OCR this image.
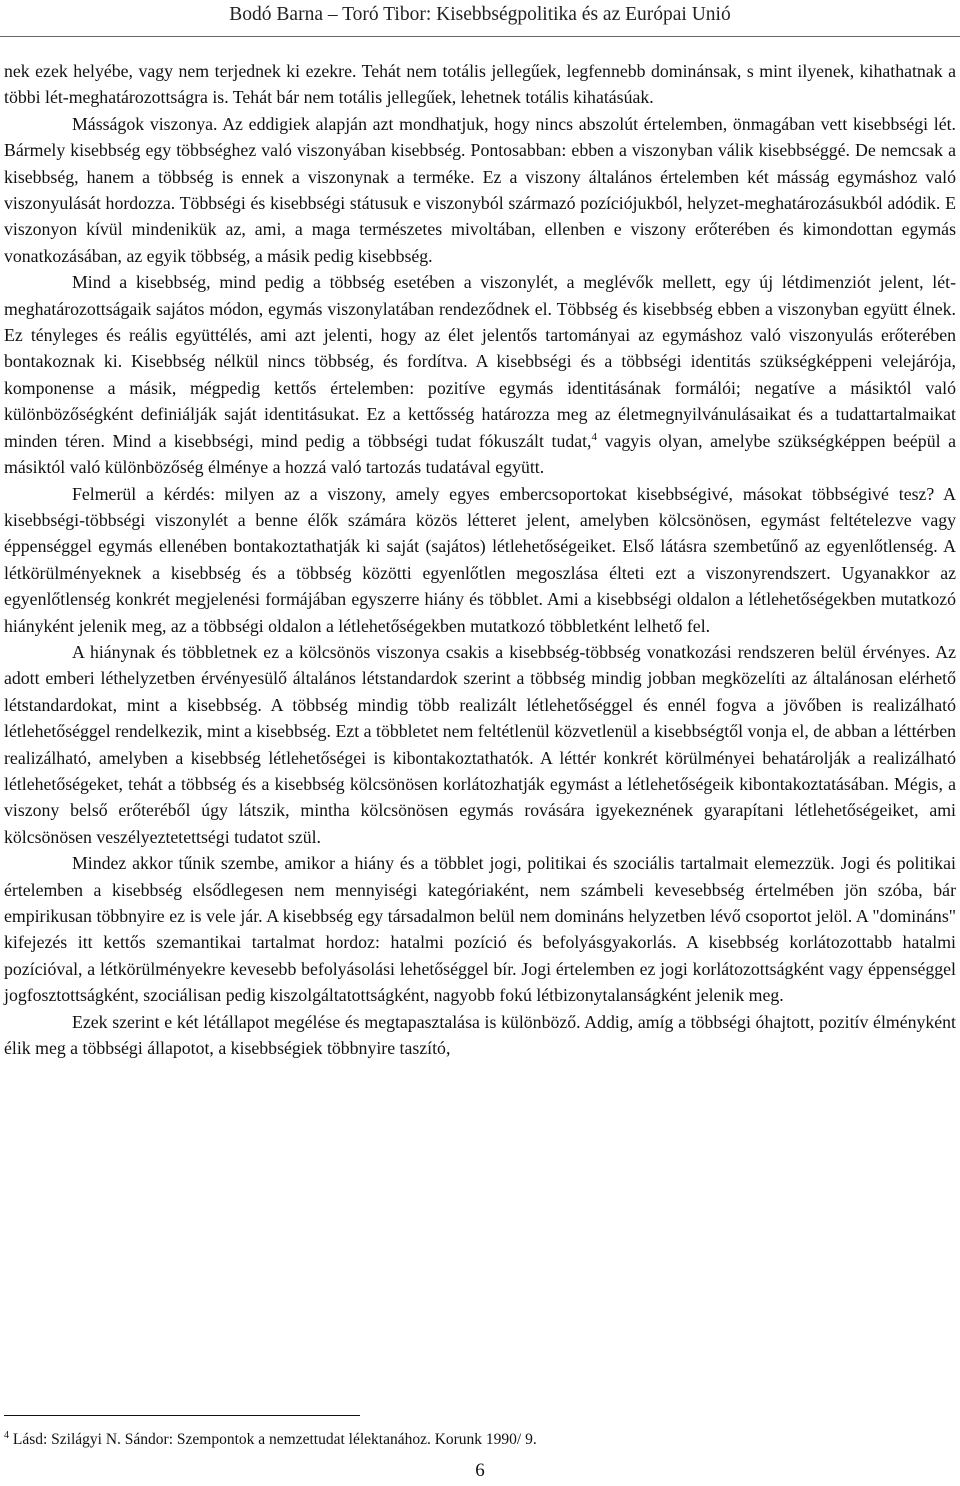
Bodó Barna – Toró Tibor: Kisebbségpolitika és az Európai Unió

nek ezek helyébe, vagy nem terjednek ki ezekre. Tehát nem totális jellegűek, legfennebb dominánsak, s mint ilyenek, kihathatnak a többi lét-meghatározottságra is. Tehát bár nem totális jellegűek, lehetnek totális kihatásúak.

Másságok viszonya. Az eddigiek alapján azt mondhatjuk, hogy nincs abszolút értelemben, önmagában vett kisebbségi lét. Bármely kisebbség egy többséghez való viszonyában kisebbség. Pontosabban: ebben a viszonyban válik kisebbséggé. De nemcsak a kisebbség, hanem a többség is ennek a viszonynak a terméke. Ez a viszony általános értelemben két másság egymáshoz való viszonyulását hordozza. Többségi és kisebbségi státusuk e viszonyból származó pozíciójukból, helyzet-meghatározásukból adódik. E viszonyon kívül mindenikük az, ami, a maga természetes mivoltában, ellenben e viszony erőterében és kimondottan egymás vonatkozásában, az egyik többség, a másik pedig kisebbség.

Mind a kisebbség, mind pedig a többség esetében a viszonylét, a meglévők mellett, egy új létdimenziót jelent, lét-meghatározottságaik sajátos módon, egymás viszonylatában rendeződnek el. Többség és kisebbség ebben a viszonyban együtt élnek. Ez tényleges és reális együttélés, ami azt jelenti, hogy az élet jelentős tartományai az egymáshoz való viszonyulás erőterében bontakoznak ki. Kisebbség nélkül nincs többség, és fordítva. A kisebbségi és a többségi identitás szükségképpeni velejárója, komponense a másik, mégpedig kettős értelemben: pozitíve egymás identitásának formálói; negatíve a másiktól való különbözőségként definiálják saját identitásukat. Ez a kettősség határozza meg az életmegnyilvánulásaikat és a tudattartalmaikat minden téren. Mind a kisebbségi, mind pedig a többségi tudat fókuszált tudat,$^4$ vagyis olyan, amelybe szükségképpen beépül a másiktól való különbözőség élménye a hozzá való tartozás tudatával együtt.

Felmerül a kérdés: milyen az a viszony, amely egyes embercsoportokat kisebbségivé, másokat többségivé tesz? A kisebbségi-többségi viszonylét a benne élők számára közös létteret jelent, amelyben kölcsönösen, egymást feltételezve vagy éppenséggel egymás ellenében bontakoztathatják ki saját (sajátos) létlehetőségeiket. Első látásra szembetűnő az egyenlőtlenség. A létkörülményeknek a kisebbség és a többség közötti egyenlőtlen megoszlása élteti ezt a viszonyrendszert. Ugyanakkor az egyenlőtlenség konkrét megjelenési formájában egyszerre hiány és többlet. Ami a kisebbségi oldalon a létlehetőségekben mutatkozó hiányként jelenik meg, az a többségi oldalon a létlehetőségekben mutatkozó többletként lelhető fel.

A hiánynak és többletnek ez a kölcsönös viszonya csakis a kisebbség-többség vonatkozási rendszeren belül érvényes. Az adott emberi léthelyzetben érvényesülő általános létstandardok szerint a többség mindig jobban megközelíti az általánosan elérhető létstandardokat, mint a kisebbség. A többség mindig több realizált létlehetőséggel és ennél fogva a jövőben is realizálható létlehetőséggel rendelkezik, mint a kisebbség. Ezt a többletet nem feltétlenül közvetlenül a kisebbségtől vonja el, de abban a léttérben realizálható, amelyben a kisebbség létlehetőségei is kibontakoztathatók. A léttér konkrét körülményei behatárolják a realizálható létlehetőségeket, tehát a többség és a kisebbség kölcsönösen korlátozhatják egymást a létlehetőségeik kibontakoztatásában. Mégis, a viszony belső erőteréből úgy látszik, mintha kölcsönösen egymás rovására igyekeznének gyarapítani létlehetőségeiket, ami kölcsönösen veszélyeztetettségi tudatot szül.

Mindez akkor tűnik szembe, amikor a hiány és a többlet jogi, politikai és szociális tartalmait elemezzük. Jogi és politikai értelemben a kisebbség elsődlegesen nem mennyiségi kategóriaként, nem számbeli kevesebbség értelmében jön szóba, bár empirikusan többnyire ez is vele jár. A kisebbség egy társadalmon belül nem domináns helyzetben lévő csoportot jelöl. A "domináns" kifejezés itt kettős szemantikai tartalmat hordoz: hatalmi pozíció és befolyásgyakorlás. A kisebbség korlátozottabb hatalmi pozícióval, a létkörülményekre kevesebb befolyásolási lehetőséggel bír. Jogi értelemben ez jogi korlátozottságként vagy éppenséggel jogfosztottságként, szociálisan pedig kiszolgáltatottságként, nagyobb fokú létbizonytalanságként jelenik meg.

Ezek szerint e két létállapot megélése és megtapasztalása is különböző. Addig, amíg a többségi óhajtott, pozitív élményként élik meg a többségi állapotot, a kisebbségiek többnyire taszító,

$^4$ Lásd: Szilágyi N. Sándor: Szempontok a nemzettudat lélektanához. Korunk 1990/ 9.
6
